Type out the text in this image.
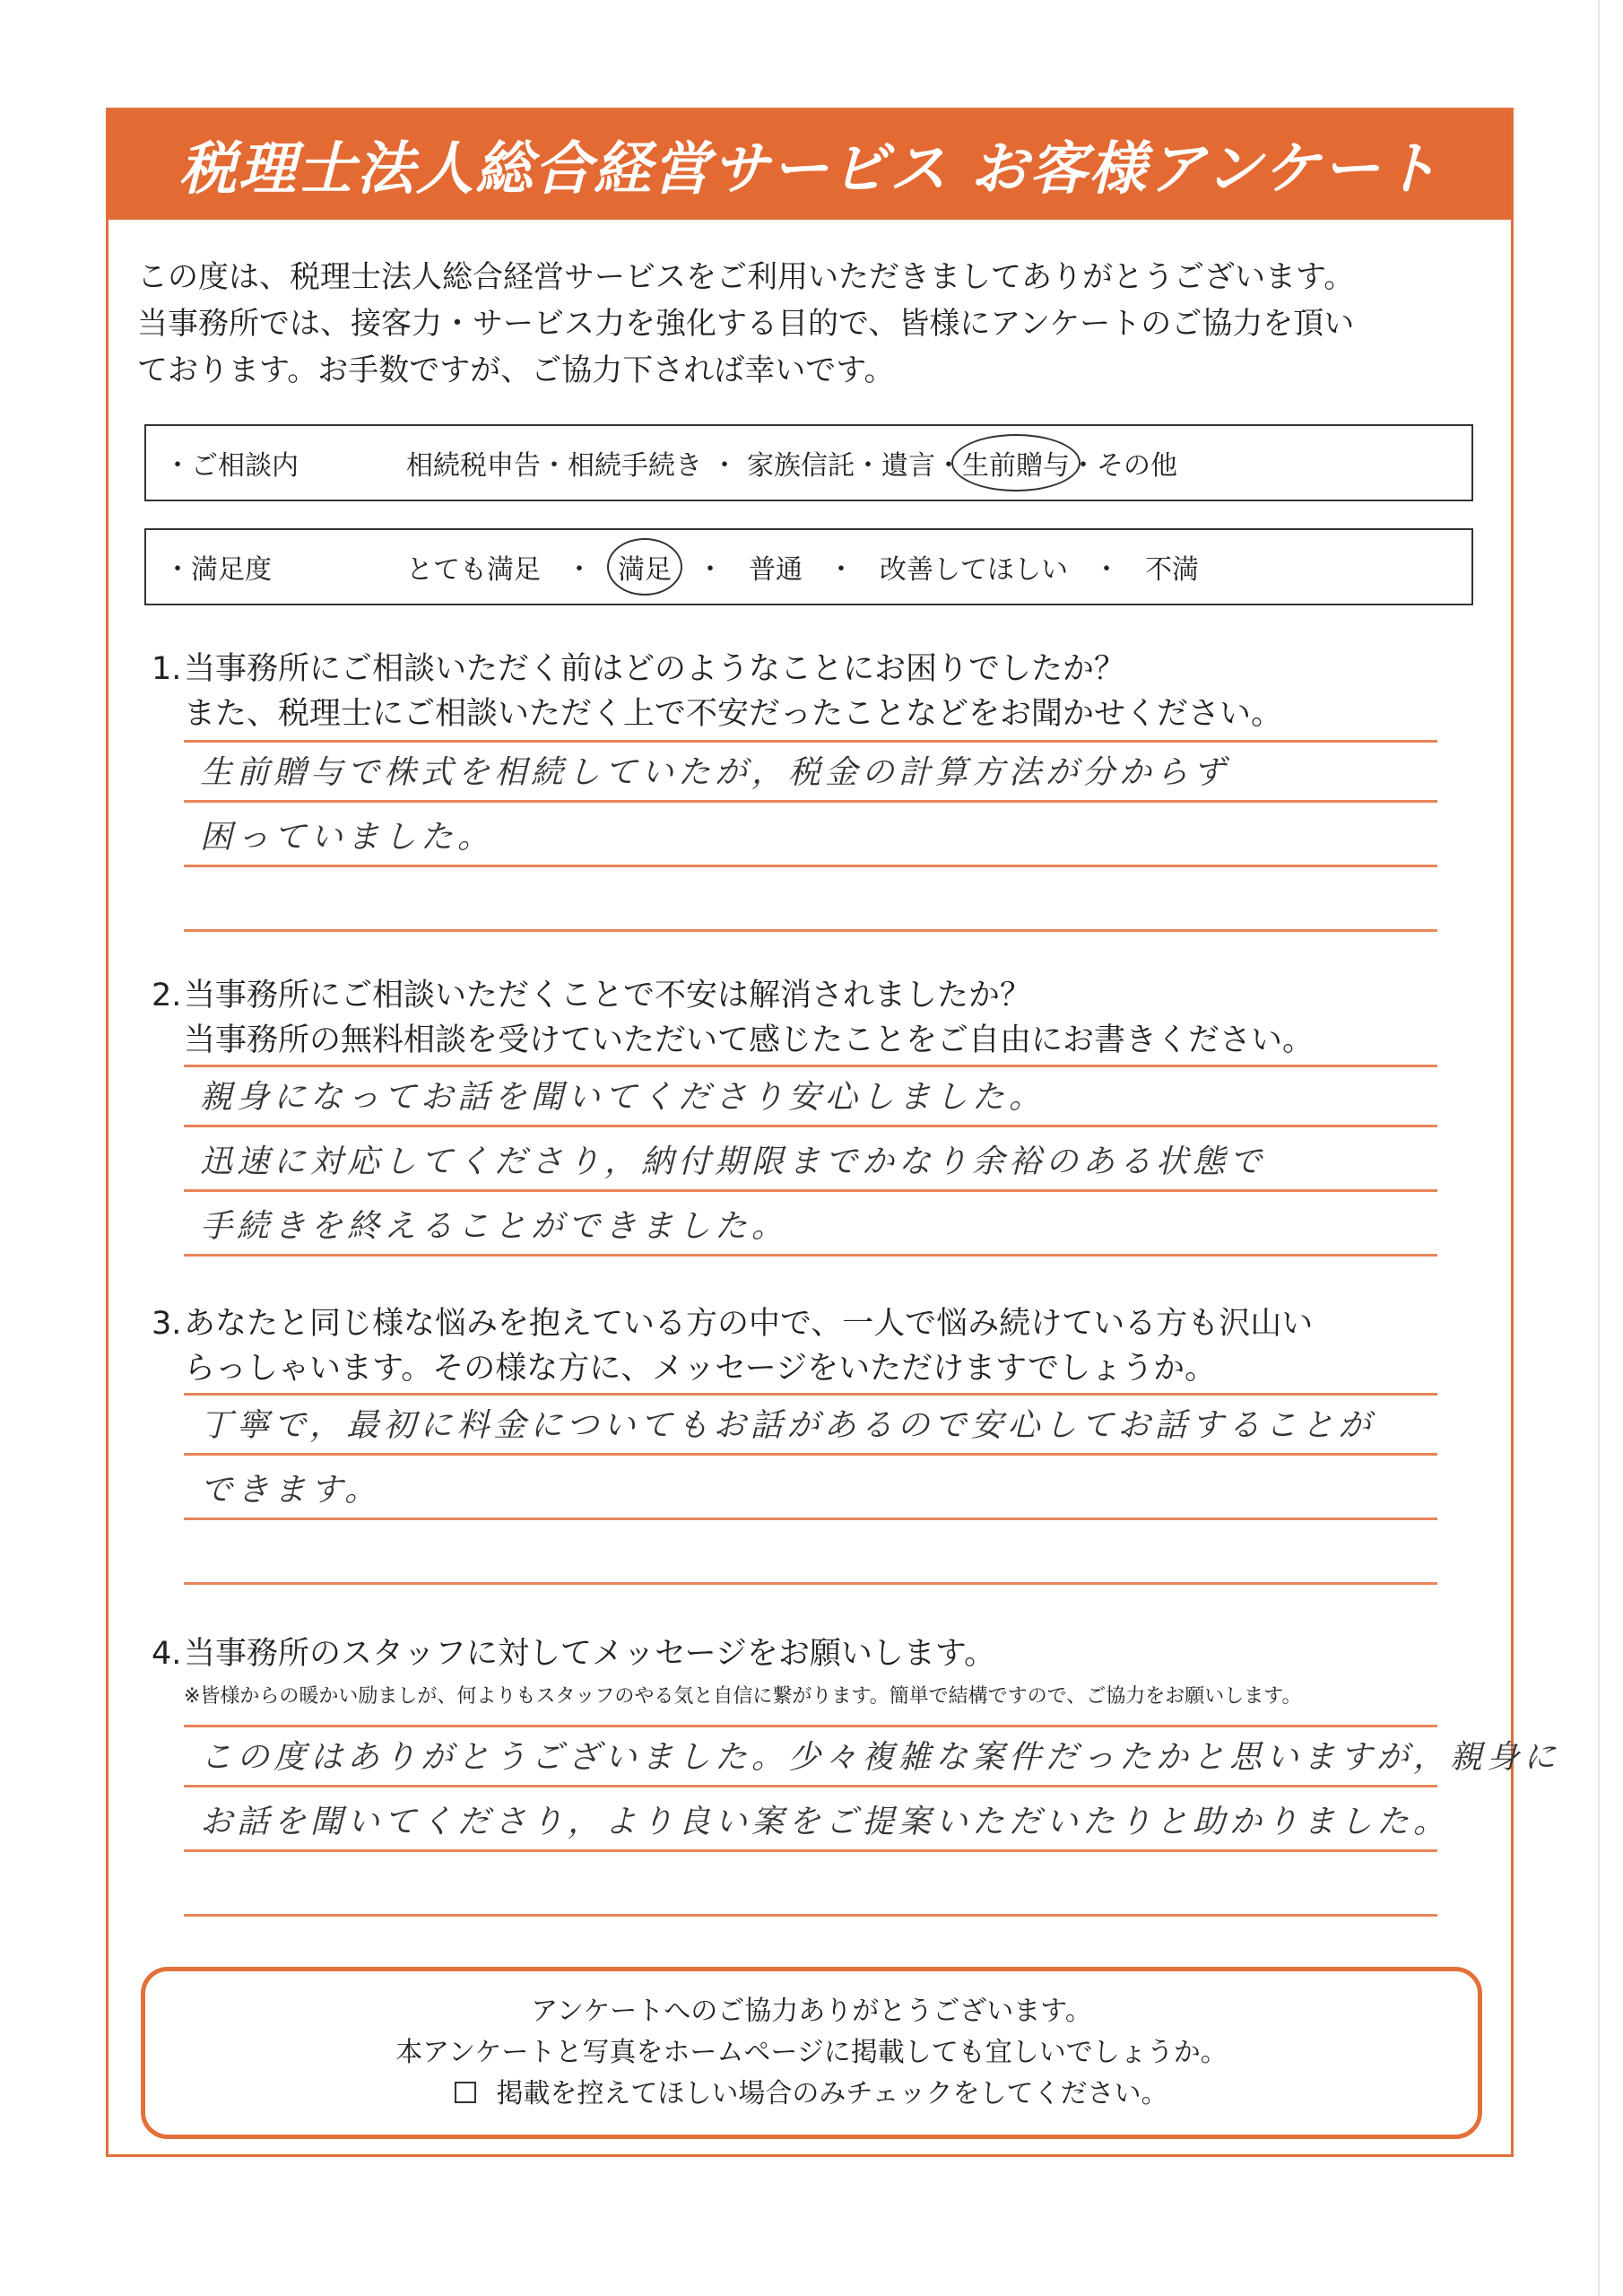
税理士法人総合経営サービス お客様アンケート

この度は、税理士法人総合経営サービスをご利用いただきましてありがとうございます。

当事務所では、接客力・サービス力を強化する目的で、皆様にアンケートのご協力を頂い

ております。お手数ですが、ご協力下されば幸いです。

・ご相談内	相続税申告 ・ 相続手続き ・ 家族信託 ・ 遺言 ・ 生前贈与 ・ その他
・満足度	とても満足 ・ 満足 ・ 普通 ・ 改善してほしい ・ 不満

1.当事務所にご相談いただく前はどのようなことにお困りでしたか？

また、税理士にご相談いただく上で不安だったことなどをお聞かせください。

生前贈与で株式を相続していたが，税金の計算方法が分からず
困っていました。

2.当事務所にご相談いただくことで不安は解消されましたか？

当事務所の無料相談を受けていただいて感じたことをご自由にお書きください。

親身になってお話を聞いてくださり安心しました。
迅速に対応してくださり，納付期限までかなり余裕のある状態で
手続きを終えることができました。

3.あなたと同じ様な悩みを抱えている方の中で、一人で悩み続けている方も沢山い

らっしゃいます。その様な方に、メッセージをいただけますでしょうか。

丁寧で，最初に料金についてもお話があるので安心してお話することが
できます。

4.当事務所のスタッフに対してメッセージをお願いします。

※皆様からの暖かい励ましが、何よりもスタッフのやる気と自信に繋がります。簡単で結構ですので、ご協力をお願いします。

この度はありがとうございました。少々複雑な案件だったかと思いますが，親身に
お話を聞いてくださり，より良い案をご提案いただいたりと助かりました。

アンケートへのご協力ありがとうございます。

本アンケートと写真をホームページに掲載しても宜しいでしょうか。

掲載を控えてほしい場合のみチェックをしてください。
